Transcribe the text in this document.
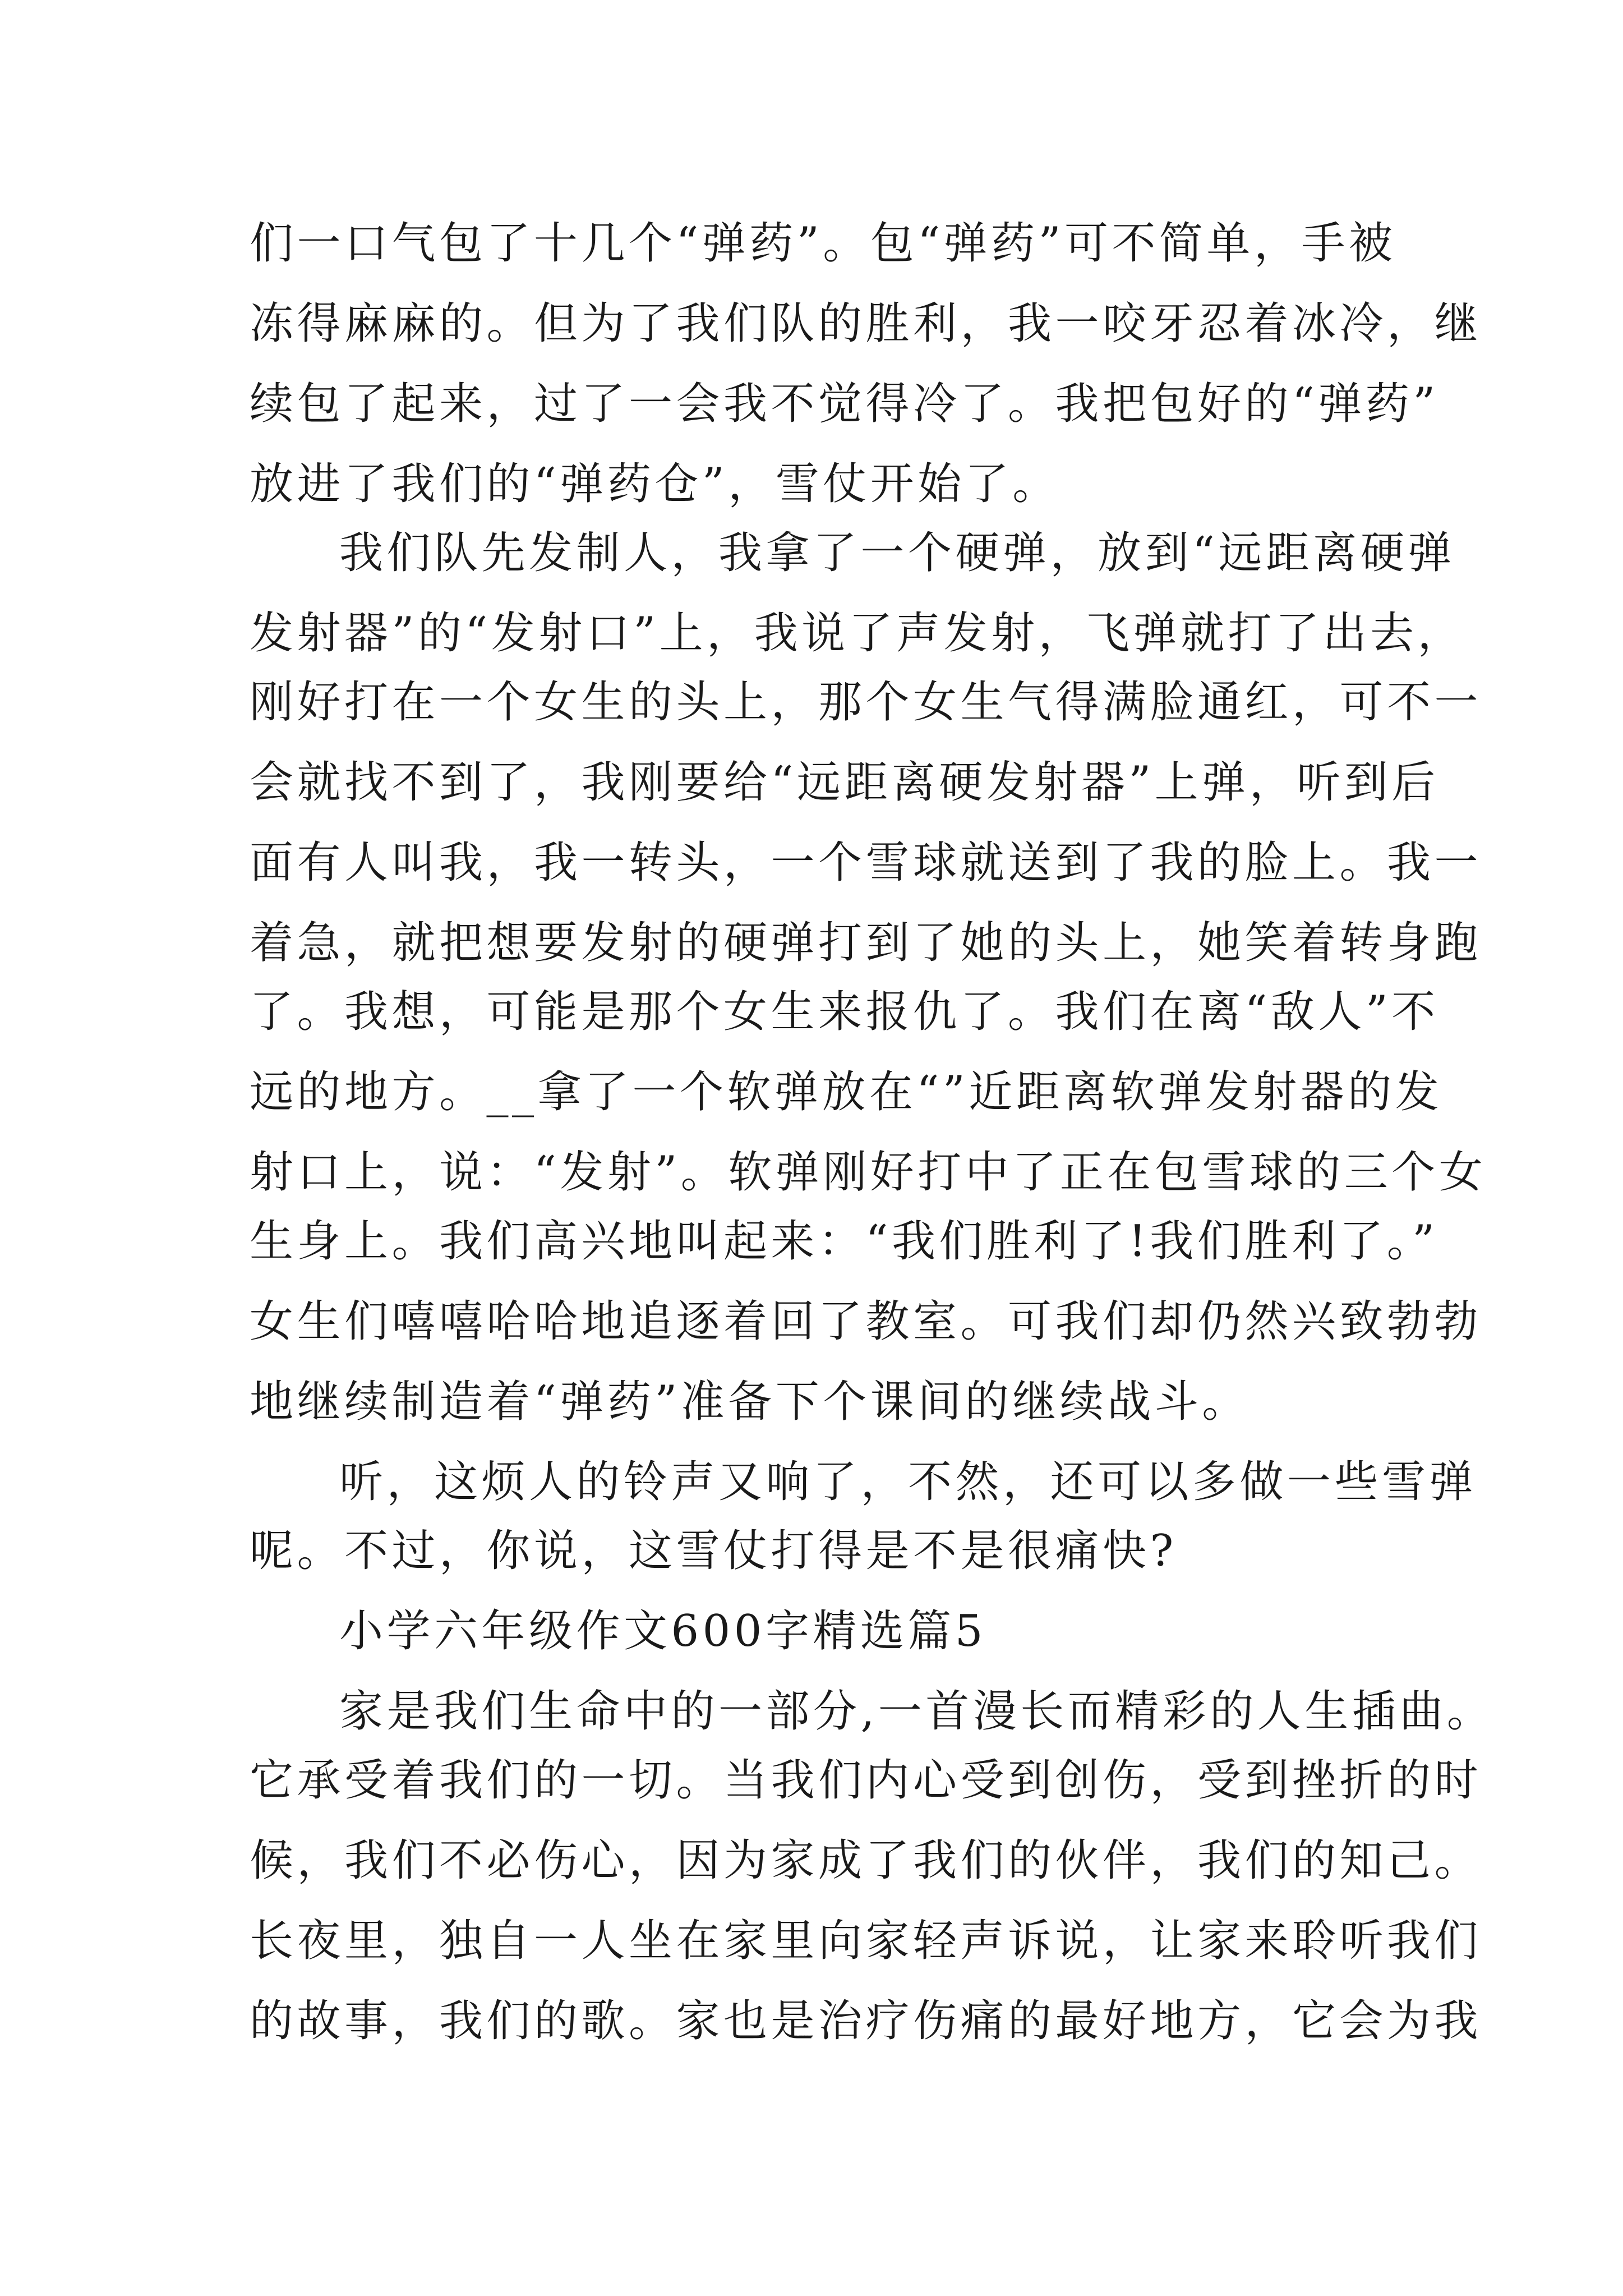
们一口气包了十几个“弹药”。包“弹药”可不简单，手被
冻得麻麻的。但为了我们队的胜利，我一咬牙忍着冰冷，继
续包了起来，过了一会我不觉得冷了。我把包好的“弹药”
放进了我们的“弹药仓”，雪仗开始了。
我们队先发制人，我拿了一个硬弹，放到“远距离硬弹
发射器”的“发射口”上，我说了声发射，飞弹就打了出去，
刚好打在一个女生的头上，那个女生气得满脸通红，可不一
会就找不到了，我刚要给“远距离硬发射器”上弹，听到后
面有人叫我，我一转头，一个雪球就送到了我的脸上。我一
着急，就把想要发射的硬弹打到了她的头上，她笑着转身跑
了。我想，可能是那个女生来报仇了。我们在离“敌人”不
远的地方。__拿了一个软弹放在“”近距离软弹发射器的发
射口上，说：“发射”。软弹刚好打中了正在包雪球的三个女
生身上。我们高兴地叫起来：“我们胜利了!我们胜利了。”
女生们嘻嘻哈哈地追逐着回了教室。可我们却仍然兴致勃勃
地继续制造着“弹药”准备下个课间的继续战斗。
听，这烦人的铃声又响了，不然，还可以多做一些雪弹
呢。不过，你说，这雪仗打得是不是很痛快?
小学六年级作文600字精选篇5
家是我们生命中的一部分,一首漫长而精彩的人生插曲。
它承受着我们的一切。当我们内心受到创伤，受到挫折的时
候，我们不必伤心，因为家成了我们的伙伴，我们的知己。
长夜里，独自一人坐在家里向家轻声诉说，让家来聆听我们
的故事，我们的歌。家也是治疗伤痛的最好地方，它会为我
